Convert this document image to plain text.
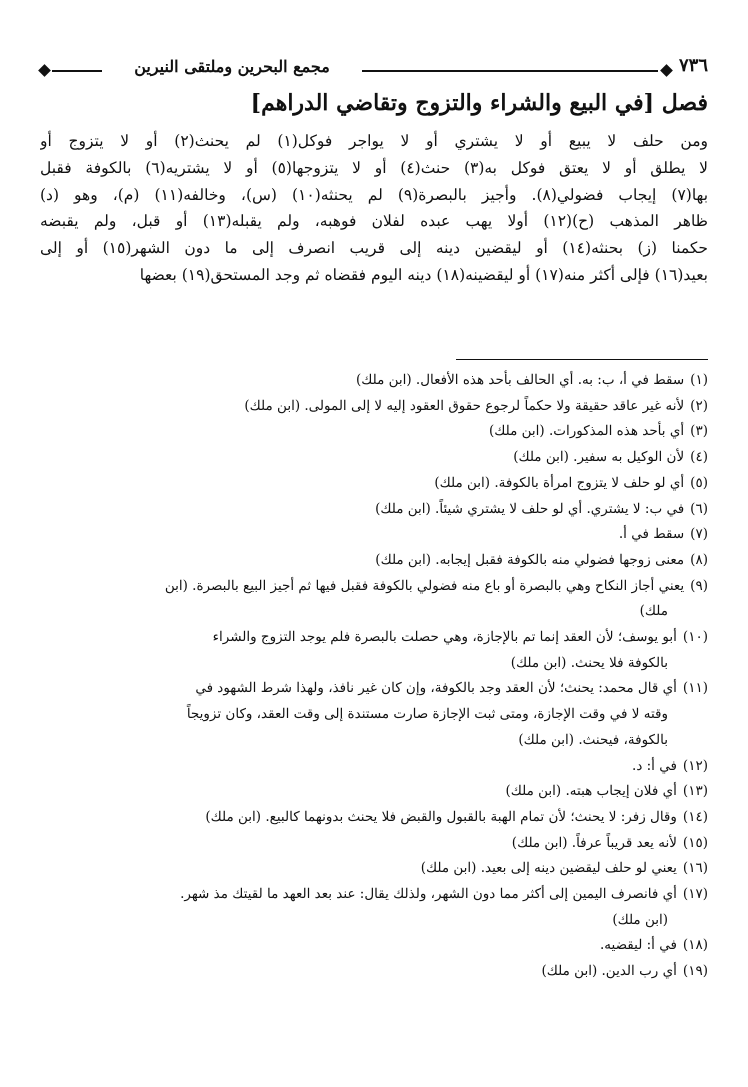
مجمع البحرين وملتقى النيرين	٧٣٦
فصل [في البيع والشراء والتزوج وتقاضي الدراهم]
ومن حلف لا يبيع أو لا يشتري أو لا يواجر فوكل(١) لم يحنث(٢) أو لا يتزوج أو
لا يطلق أو لا يعتق فوكل به(٣) حنث(٤) أو لا يتزوجها(٥) أو لا يشتريه(٦) بالكوفة فقبل
بها(٧) إيجاب فضولي(٨). وأجيز بالبصرة(٩) لم يحنثه(١٠) (س)، وخالفه(١١) (م)، وهو (د)
ظاهر المذهب (ح)(١٢) أولا يهب عبده لفلان فوهبه، ولم يقبله(١٣) أو قبل، ولم يقبضه
حكمنا (ز) بحنثه(١٤) أو ليقضين دينه إلى قريب انصرف إلى ما دون الشهر(١٥) أو إلى
بعيد(١٦) فإلى أكثر منه(١٧) أو ليقضينه(١٨) دينه اليوم فقضاه ثم وجد المستحق(١٩) بعضها
(١)سقط في أ، ب: به. أي الحالف بأحد هذه الأفعال. (ابن ملك)
(٢)لأنه غير عاقد حقيقة ولا حكماً لرجوع حقوق العقود إليه لا إلى المولى. (ابن ملك)
(٣)أي بأحد هذه المذكورات. (ابن ملك)
(٤)لأن الوكيل به سفير. (ابن ملك)
(٥)أي لو حلف لا يتزوج امرأة بالكوفة. (ابن ملك)
(٦)في ب: لا يشتري. أي لو حلف لا يشتري شيئاً. (ابن ملك)
(٧)سقط في أ.
(٨)معنى زوجها فضولي منه بالكوفة فقبل إيجابه. (ابن ملك)
(٩)يعني أجاز النكاح وهي بالبصرة أو باع منه فضولي بالكوفة فقبل فيها ثم أجيز البيع بالبصرة. (ابن
ملك)
(١٠)أبو يوسف؛ لأن العقد إنما تم بالإجازة، وهي حصلت بالبصرة فلم يوجد التزوج والشراء
بالكوفة فلا يحنث. (ابن ملك)
(١١)أي قال محمد: يحنث؛ لأن العقد وجد بالكوفة، وإن كان غير نافذ، ولهذا شرط الشهود في
وقته لا في وقت الإجازة، ومتى ثبت الإجازة صارت مستندة إلى وقت العقد، وكان تزويجاً
بالكوفة، فيحنث. (ابن ملك)
(١٢)في أ: د.
(١٣)أي فلان إيجاب هبته. (ابن ملك)
(١٤)وقال زفر: لا يحنث؛ لأن تمام الهبة بالقبول والقبض فلا يحنث بدونهما كالبيع. (ابن ملك)
(١٥)لأنه يعد قريباً عرفاً. (ابن ملك)
(١٦)يعني لو حلف ليقضين دينه إلى بعيد. (ابن ملك)
(١٧)أي فانصرف اليمين إلى أكثر مما دون الشهر، ولذلك يقال: عند بعد العهد ما لقيتك مذ شهر.
(ابن ملك)
(١٨)في أ: ليقضيه.
(١٩)أي رب الدين. (ابن ملك)
